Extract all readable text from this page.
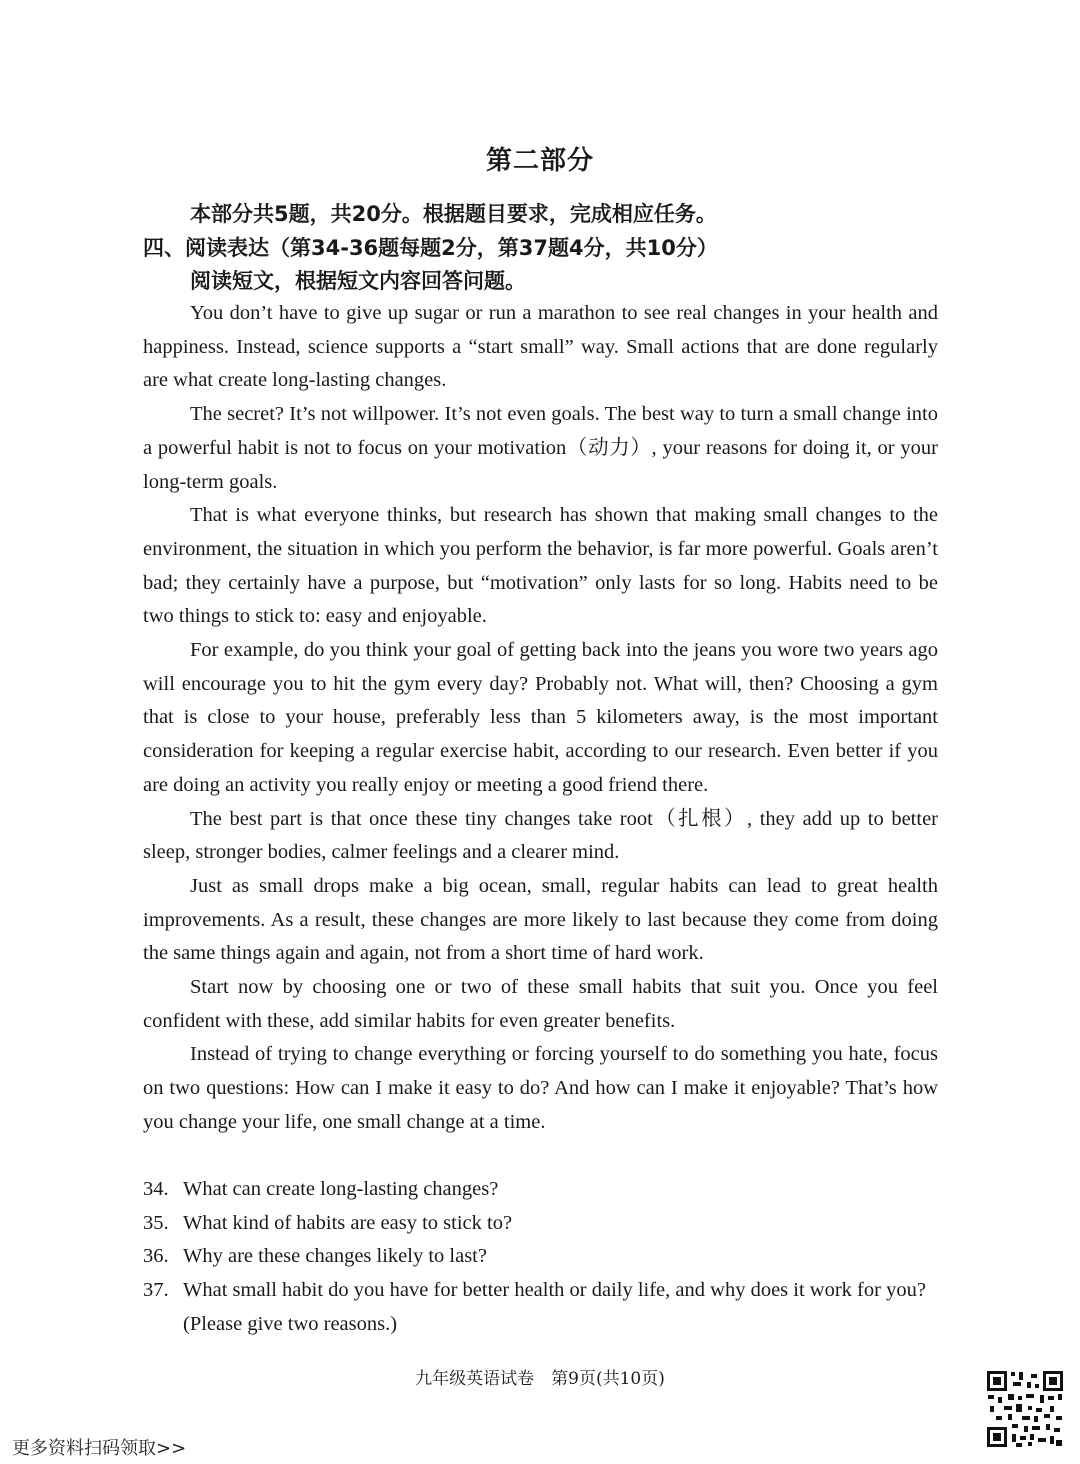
第二部分
本部分共5题，共20分。根据题目要求，完成相应任务。
四、阅读表达（第34-36题每题2分，第37题4分，共10分）
阅读短文，根据短文内容回答问题。

You don’t have to give up sugar or run a marathon to see real changes in your health and happiness. Instead, science supports a “start small” way. Small actions that are done regularly are what create long-lasting changes.

The secret? It’s not willpower. It’s not even goals. The best way to turn a small change into a powerful habit is not to focus on your motivation（动力）, your reasons for doing it, or your long-term goals.

That is what everyone thinks, but research has shown that making small changes to the environment, the situation in which you perform the behavior, is far more powerful. Goals aren’t bad; they certainly have a purpose, but “motivation” only lasts for so long. Habits need to be two things to stick to: easy and enjoyable.

For example, do you think your goal of getting back into the jeans you wore two years ago will encourage you to hit the gym every day? Probably not. What will, then? Choosing a gym that is close to your house, preferably less than 5 kilometers away, is the most important consideration for keeping a regular exercise habit, according to our research. Even better if you are doing an activity you really enjoy or meeting a good friend there.

The best part is that once these tiny changes take root（扎根）, they add up to better sleep, stronger bodies, calmer feelings and a clearer mind.

Just as small drops make a big ocean, small, regular habits can lead to great health improvements. As a result, these changes are more likely to last because they come from doing the same things again and again, not from a short time of hard work.

Start now by choosing one or two of these small habits that suit you. Once you feel confident with these, add similar habits for even greater benefits.

Instead of trying to change everything or forcing yourself to do something you hate, focus on two questions: How can I make it easy to do? And how can I make it enjoyable? That’s how you change your life, one small change at a time.

34. What can create long-lasting changes?
35. What kind of habits are easy to stick to?
36. Why are these changes likely to last?
37. What small habit do you have for better health or daily life, and why does it work for you? (Please give two reasons.)
九年级英语试卷　第9页(共10页)
更多资料扫码领取>>
